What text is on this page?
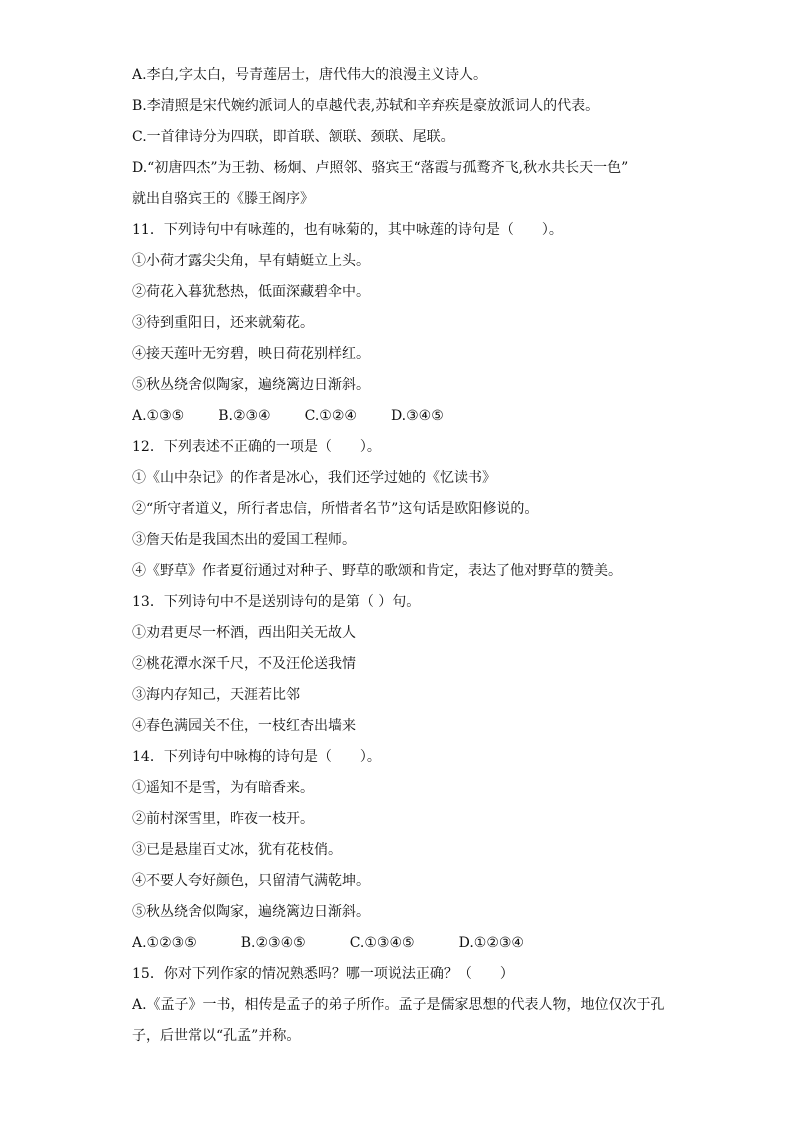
A.李白,字太白，号青莲居士，唐代伟大的浪漫主义诗人。
B.李清照是宋代婉约派词人的卓越代表,苏轼和辛弃疾是豪放派词人的代表。
C.一首律诗分为四联，即首联、颔联、颈联、尾联。
D.“初唐四杰”为王勃、杨炯、卢照邻、骆宾王“落霞与孤鹜齐飞,秋水共长天一色”
就出自骆宾王的《滕王阁序》
11．下列诗句中有咏莲的，也有咏菊的，其中咏莲的诗句是（　　）。
①小荷才露尖尖角，早有蜻蜓立上头。
②荷花入暮犹愁热，低面深藏碧伞中。
③待到重阳日，还来就菊花。
④接天莲叶无穷碧，映日荷花别样红。
⑤秋丛绕舍似陶家，遍绕篱边日渐斜。
A.①③⑤ B.②③④ C.①②④ D.③④⑤
12．下列表述不正确的一项是（　　）。
①《山中杂记》的作者是冰心，我们还学过她的《忆读书》
②“所守者道义，所行者忠信，所惜者名节”这句话是欧阳修说的。
③詹天佑是我国杰出的爱国工程师。
④《野草》作者夏衍通过对种子、野草的歌颂和肯定，表达了他对野草的赞美。
13．下列诗句中不是送别诗句的是第（ ）句。
①劝君更尽一杯酒，西出阳关无故人
②桃花潭水深千尺，不及汪伦送我情
③海内存知己，天涯若比邻
④春色满园关不住，一枝红杏出墙来
14．下列诗句中咏梅的诗句是（　　）。
①遥知不是雪，为有暗香来。
②前村深雪里，昨夜一枝开。
③已是悬崖百丈冰，犹有花枝俏。
④不要人夸好颜色，只留清气满乾坤。
⑤秋丛绕舍似陶家，遍绕篱边日渐斜。
A.①②③⑤	B.②③④⑤	C.①③④⑤	D.①②③④
15．你对下列作家的情况熟悉吗？哪一项说法正确？（　　）
A.《孟子》一书，相传是孟子的弟子所作。孟子是儒家思想的代表人物，地位仅次于孔
子，后世常以“孔孟”并称。
